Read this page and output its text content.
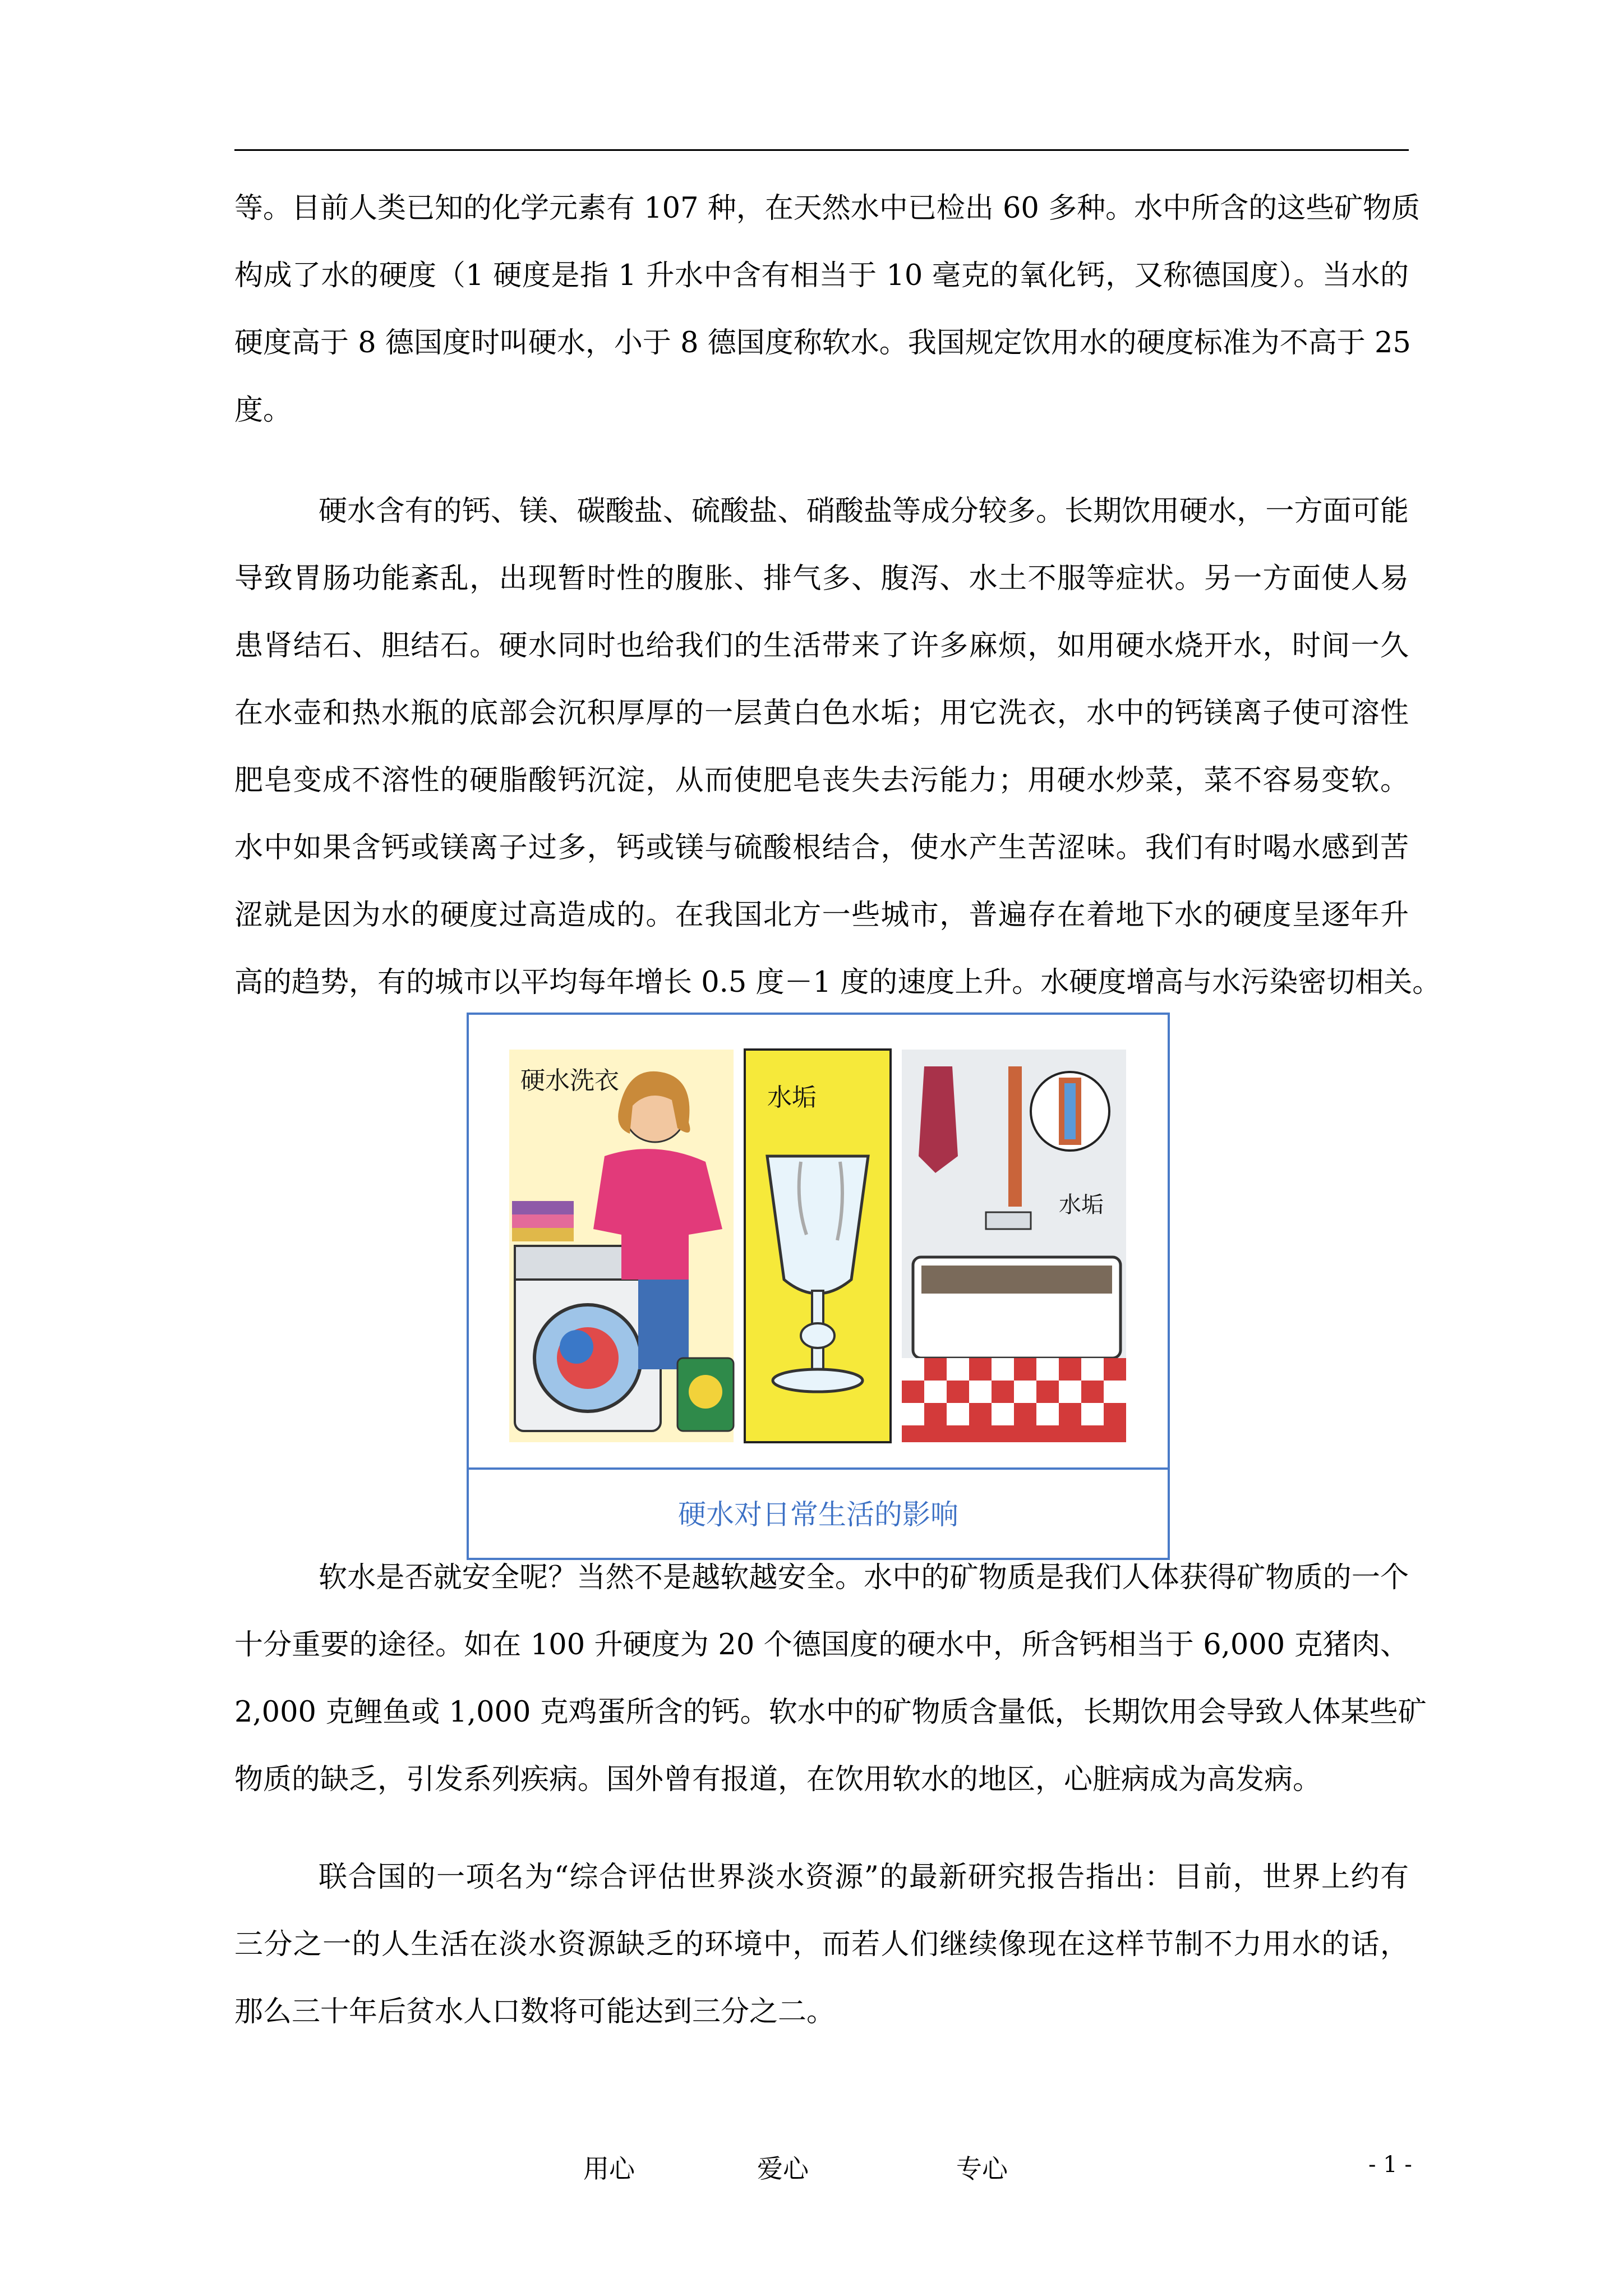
等。目前人类已知的化学元素有 107 种，在天然水中已检出 60 多种。水中所含的这些矿物质
构成了水的硬度（1 硬度是指 1 升水中含有相当于 10 毫克的氧化钙，又称德国度）。当水的
硬度高于 8 德国度时叫硬水，小于 8 德国度称软水。我国规定饮用水的硬度标准为不高于 25
度。
硬水含有的钙、镁、碳酸盐、硫酸盐、硝酸盐等成分较多。长期饮用硬水，一方面可能
导致胃肠功能紊乱，出现暂时性的腹胀、排气多、腹泻、水土不服等症状。另一方面使人易
患肾结石、胆结石。硬水同时也给我们的生活带来了许多麻烦，如用硬水烧开水，时间一久
在水壶和热水瓶的底部会沉积厚厚的一层黄白色水垢；用它洗衣，水中的钙镁离子使可溶性
肥皂变成不溶性的硬脂酸钙沉淀，从而使肥皂丧失去污能力；用硬水炒菜，菜不容易变软。
水中如果含钙或镁离子过多，钙或镁与硫酸根结合，使水产生苦涩味。我们有时喝水感到苦
涩就是因为水的硬度过高造成的。在我国北方一些城市，普遍存在着地下水的硬度呈逐年升
高的趋势，有的城市以平均每年增长 0.5 度－1 度的速度上升。水硬度增高与水污染密切相关。
硬水洗衣
水垢
水垢
硬水对日常生活的影响
软水是否就安全呢？当然不是越软越安全。水中的矿物质是我们人体获得矿物质的一个
十分重要的途径。如在 100 升硬度为 20 个德国度的硬水中，所含钙相当于 6,000 克猪肉、
2,000 克鲤鱼或 1,000 克鸡蛋所含的钙。软水中的矿物质含量低，长期饮用会导致人体某些矿
物质的缺乏，引发系列疾病。国外曾有报道，在饮用软水的地区，心脏病成为高发病。
联合国的一项名为“综合评估世界淡水资源”的最新研究报告指出：目前，世界上约有
三分之一的人生活在淡水资源缺乏的环境中，而若人们继续像现在这样节制不力用水的话，
那么三十年后贫水人口数将可能达到三分之二。
用心	爱心	专心	- 1 -
